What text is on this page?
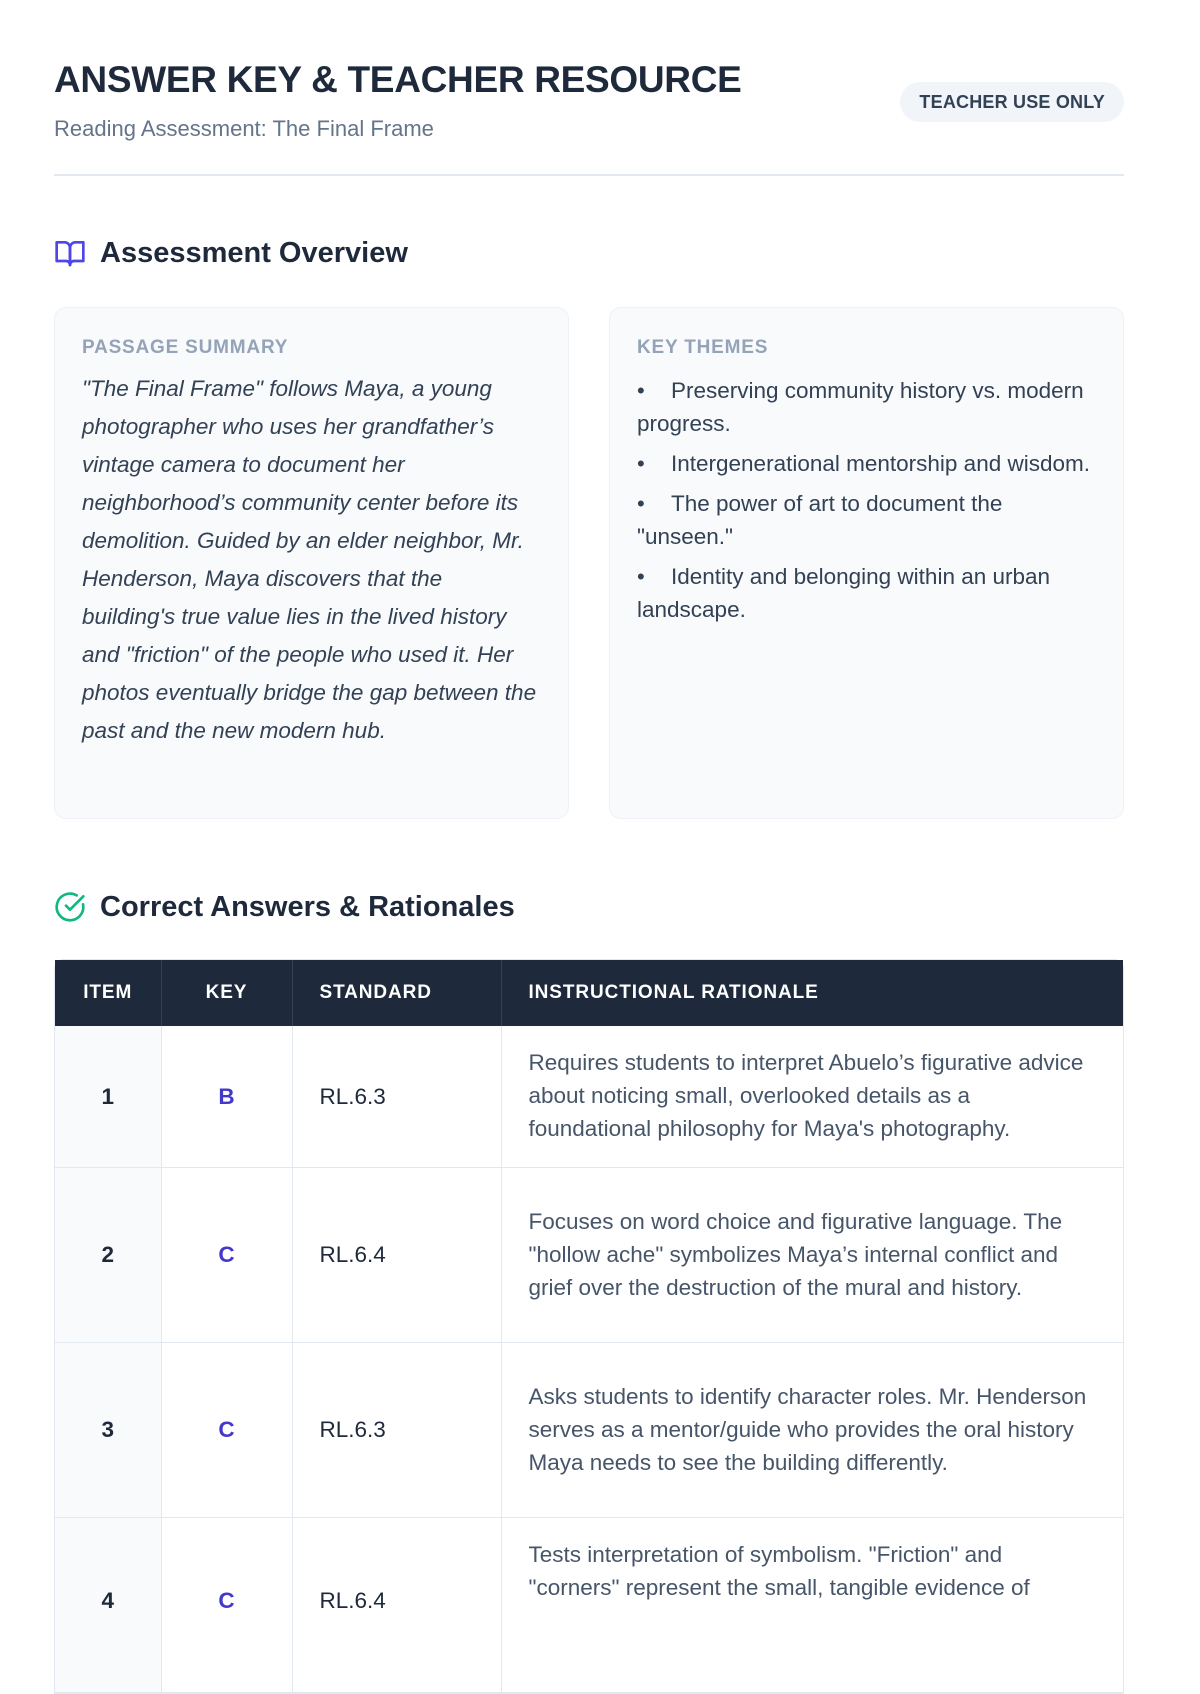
ANSWER KEY & TEACHER RESOURCE
Reading Assessment: The Final Frame
TEACHER USE ONLY
Assessment Overview
PASSAGE SUMMARY

"The Final Frame" follows Maya, a young photographer who uses her grandfather’s vintage camera to document her neighborhood’s community center before its demolition. Guided by an elder neighbor, Mr. Henderson, Maya discovers that the building's true value lies in the lived history and "friction" of the people who used it. Her photos eventually bridge the gap between the past and the new modern hub.

KEY THEMES
• Preserving community history vs. modern progress.
• Intergenerational mentorship and wisdom.
• The power of art to document the "unseen."
• Identity and belonging within an urban landscape.
Correct Answers & Rationales
ITEM	KEY	STANDARD	INSTRUCTIONAL RATIONALE
1	B	RL.6.3	Requires students to interpret Abuelo’s figurative advice about noticing small, overlooked details as a foundational philosophy for Maya's photography.
2	C	RL.6.4	Focuses on word choice and figurative language. The "hollow ache" symbolizes Maya’s internal conflict and grief over the destruction of the mural and history.
3	C	RL.6.3	Asks students to identify character roles. Mr. Henderson serves as a mentor/guide who provides the oral history Maya needs to see the building differently.
4	C	RL.6.4	Tests interpretation of symbolism. "Friction" and "corners" represent the small, tangible evidence of
